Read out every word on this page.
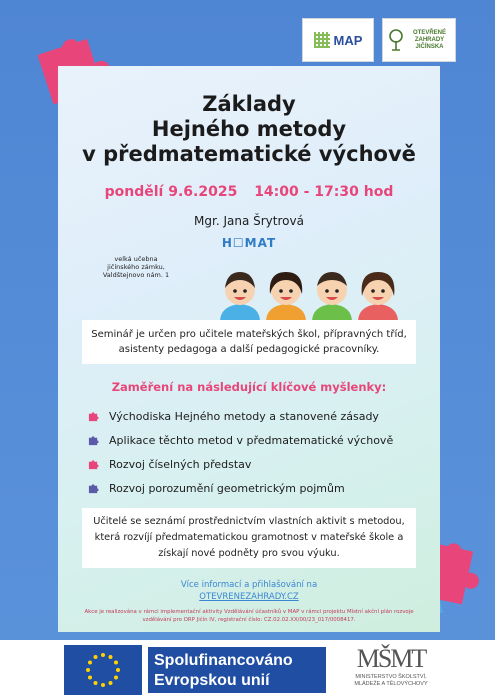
MAP	OTEVŘENÉ ZAHRADY JIČÍNSKA
Základy
Hejného metody
v předmatematické výchově
pondělí 9.6.2025 14:00 - 17:30 hod
Mgr. Jana Šrytrová
H☐MAT
velká učebna
jičínského zámku,
Valdštejnovo nám. 1
Seminář je určen pro učitele mateřských škol, přípravných tříd, asistenty pedagoga a další pedagogické pracovníky.
Zaměření na následující klíčové myšlenky:
Východiska Hejného metody a stanovené zásady
Aplikace těchto metod v předmatematické výchově
Rozvoj číselných představ
Rozvoj porozumění geometrickým pojmům
Učitelé se seznámí prostřednictvím vlastních aktivit s metodou, která rozvíjí předmatematickou gramotnost v mateřské škole a získají nové podněty pro svou výuku.
Více informací a přihlašování na
OTEVRENEZAHRADY.CZ
Akce je realizována v rámci implementační aktivity Vzdělávání účastníků v MAP v rámci projektu Místní akční plán rozvoje vzdělávání pro ORP Jičín IV, registrační číslo: CZ.02.02.XX/00/23_017/0008417.
Spolufinancováno
Evropskou unií
MŠMT
MINISTERSTVO ŠKOLSTVÍ,
MLÁDEŽE A TĚLOVÝCHOVY
